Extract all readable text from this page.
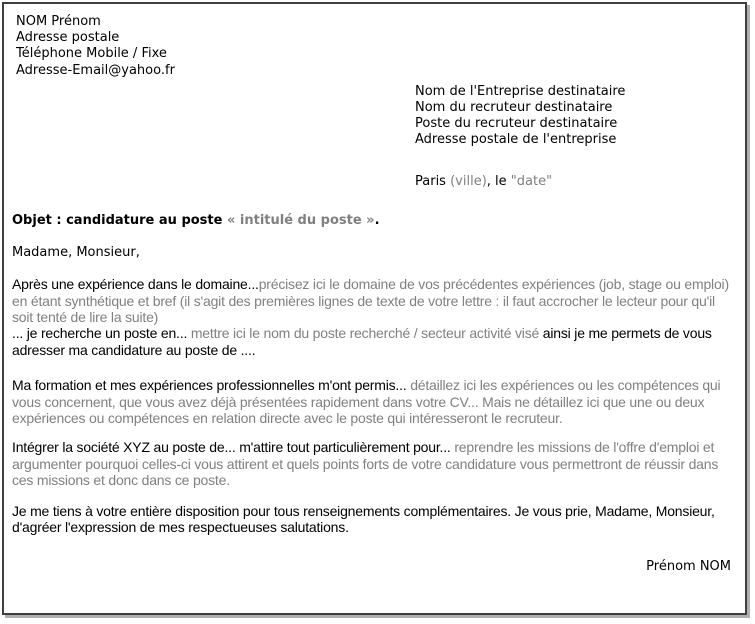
NOM Prénom
Adresse postale
Téléphone Mobile / Fixe
Adresse-Email@yahoo.fr
Nom de l'Entreprise destinataire
Nom du recruteur destinataire
Poste du recruteur destinataire
Adresse postale de l'entreprise
Paris (ville), le "date"
Objet : candidature au poste « intitulé du poste ».
Madame, Monsieur,

Après une expérience dans le domaine...précisez ici le domaine de vos précédentes expériences (job, stage ou emploi) en étant synthétique et bref (il s'agit des premières lignes de texte de votre lettre : il faut accrocher le lecteur pour qu'il soit tenté de lire la suite)
... je recherche un poste en... mettre ici le nom du poste recherché / secteur activité visé ainsi je me permets de vous adresser ma candidature au poste de ....

Ma formation et mes expériences professionnelles m'ont permis... détaillez ici les expériences ou les compétences qui vous concernent, que vous avez déjà présentées rapidement dans votre CV... Mais ne détaillez ici que une ou deux expériences ou compétences en relation directe avec le poste qui intéresseront le recruteur.

Intégrer la société XYZ au poste de... m'attire tout particulièrement pour... reprendre les missions de l'offre d'emploi et argumenter pourquoi celles-ci vous attirent et quels points forts de votre candidature vous permettront de réussir dans ces missions et donc dans ce poste.

Je me tiens à votre entière disposition pour tous renseignements complémentaires. Je vous prie, Madame, Monsieur, d'agréer l'expression de mes respectueuses salutations.

Prénom NOM
